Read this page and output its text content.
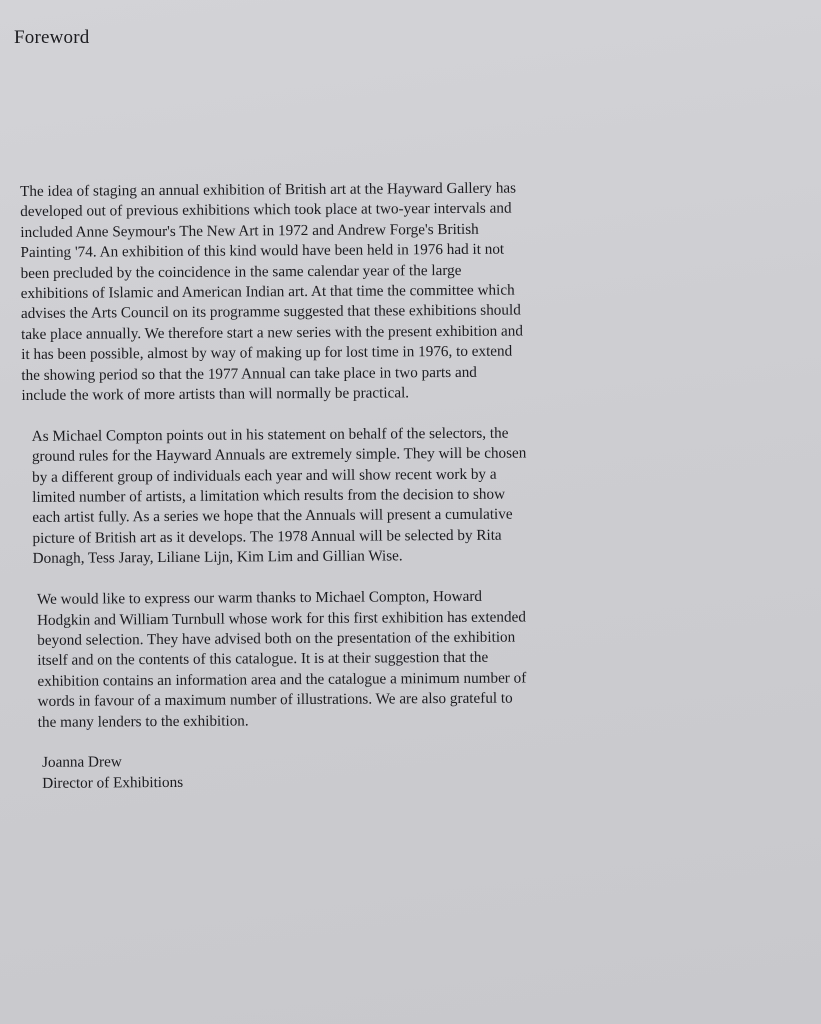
Foreword

The idea of staging an annual exhibition of British art at the Hayward Gallery has
developed out of previous exhibitions which took place at two-year intervals and
included Anne Seymour's The New Art in 1972 and Andrew Forge's British
Painting '74. An exhibition of this kind would have been held in 1976 had it not
been precluded by the coincidence in the same calendar year of the large
exhibitions of Islamic and American Indian art. At that time the committee which
advises the Arts Council on its programme suggested that these exhibitions should
take place annually. We therefore start a new series with the present exhibition and
it has been possible, almost by way of making up for lost time in 1976, to extend
the showing period so that the 1977 Annual can take place in two parts and
include the work of more artists than will normally be practical.

As Michael Compton points out in his statement on behalf of the selectors, the
ground rules for the Hayward Annuals are extremely simple. They will be chosen
by a different group of individuals each year and will show recent work by a
limited number of artists, a limitation which results from the decision to show
each artist fully. As a series we hope that the Annuals will present a cumulative
picture of British art as it develops. The 1978 Annual will be selected by Rita
Donagh, Tess Jaray, Liliane Lijn, Kim Lim and Gillian Wise.

We would like to express our warm thanks to Michael Compton, Howard
Hodgkin and William Turnbull whose work for this first exhibition has extended
beyond selection. They have advised both on the presentation of the exhibition
itself and on the contents of this catalogue. It is at their suggestion that the
exhibition contains an information area and the catalogue a minimum number of
words in favour of a maximum number of illustrations. We are also grateful to
the many lenders to the exhibition.

Joanna Drew
Director of Exhibitions
